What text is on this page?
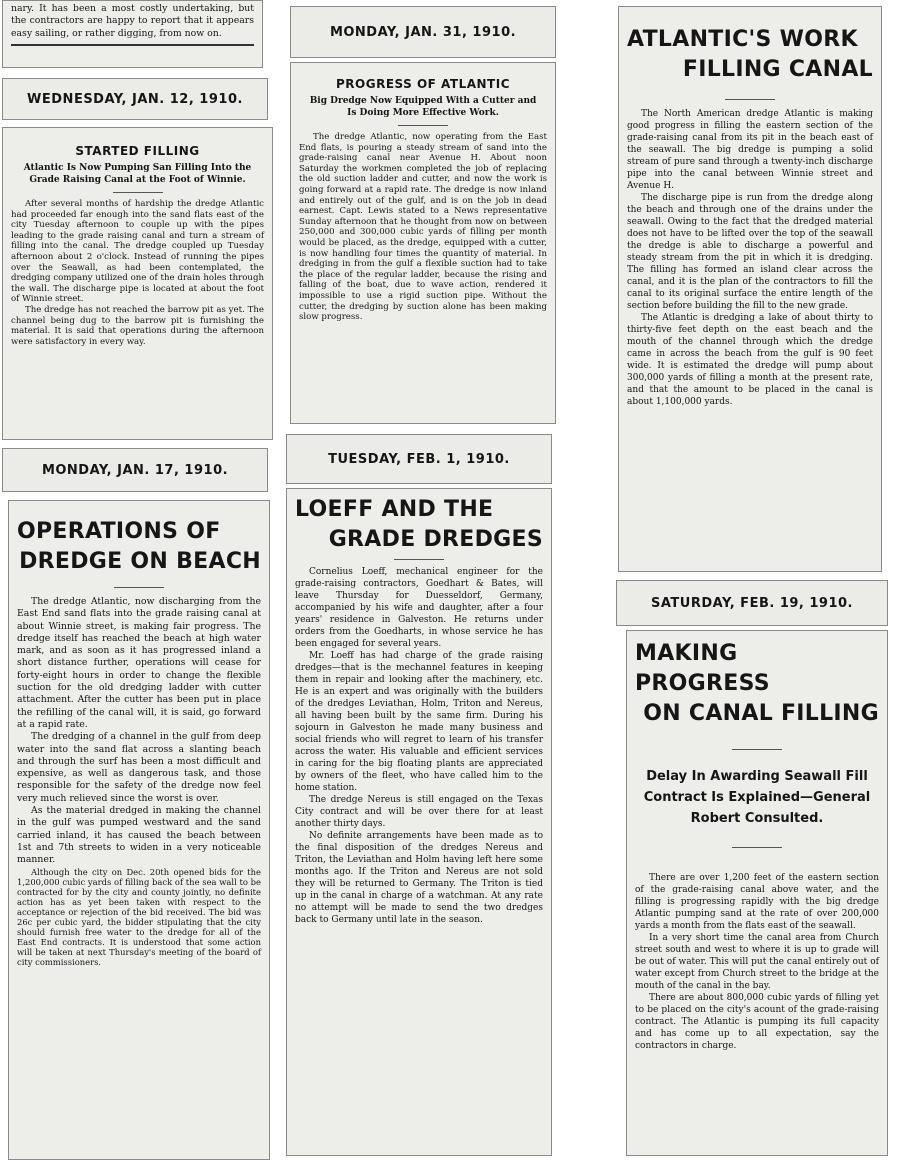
nary. It has been a most costly undertaking, but the contractors are happy to report that it appears easy sailing, or rather digging, from now on.
WEDNESDAY, JAN. 12, 1910.
STARTED FILLING
Atlantic Is Now Pumping San Filling Into the Grade Raising Canal at the Foot of Winnie.

After several months of hardship the dredge Atlantic had proceeded far enough into the sand flats east of the city Tuesday afternoon to couple up with the pipes leading to the grade raising canal and turn a stream of filling into the canal. The dredge coupled up Tuesday afternoon about 2 o'clock. Instead of running the pipes over the Seawall, as had been contemplated, the dredging company utilized one of the drain holes through the wall. The discharge pipe is located at about the foot of Winnie street.

The dredge has not reached the barrow pit as yet. The channel being dug to the barrow pit is furnishing the material. It is said that operations during the afternoon were satisfactory in every way.

MONDAY, JAN. 17, 1910.
OPERATIONS OF
DREDGE ON BEACH

The dredge Atlantic, now discharging from the East End sand flats into the grade raising canal at about Winnie street, is making fair progress. The dredge itself has reached the beach at high water mark, and as soon as it has progressed inland a short distance further, operations will cease for forty-eight hours in order to change the flexible suction for the old dredging ladder with cutter attachment. After the cutter has been put in place the refilling of the canal will, it is said, go forward at a rapid rate.

The dredging of a channel in the gulf from deep water into the sand flat across a slanting beach and through the surf has been a most difficult and expensive, as well as dangerous task, and those responsible for the safety of the dredge now feel very much relieved since the worst is over.

As the material dredged in making the channel in the gulf was pumped westward and the sand carried inland, it has caused the beach between 1st and 7th streets to widen in a very noticeable manner.

Although the city on Dec. 20th opened bids for the 1,200,000 cubic yards of filling back of the sea wall to be contracted for by the city and county jointly, no definite action has as yet been taken with respect to the acceptance or rejection of the bid received. The bid was 26c per cubic yard, the bidder stipulating that the city should furnish free water to the dredge for all of the East End contracts. It is understood that some action will be taken at next Thursday's meeting of the board of city commissioners.

MONDAY, JAN. 31, 1910.
PROGRESS OF ATLANTIC
Big Dredge Now Equipped With a Cutter and Is Doing More Effective Work.

The dredge Atlantic, now operating from the East End flats, is pouring a steady stream of sand into the grade-raising canal near Avenue H. About noon Saturday the workmen completed the job of replacing the old suction ladder and cutter, and now the work is going forward at a rapid rate. The dredge is now inland and entirely out of the gulf, and is on the job in dead earnest. Capt. Lewis stated to a News representative Sunday afternoon that he thought from now on between 250,000 and 300,000 cubic yards of filling per month would be placed, as the dredge, equipped with a cutter, is now handling four times the quantity of material. In dredging in from the gulf a flexible suction had to take the place of the regular ladder, because the rising and falling of the boat, due to wave action, rendered it impossible to use a rigid suction pipe. Without the cutter, the dredging by suction alone has been making slow progress.

TUESDAY, FEB. 1, 1910.
LOEFF AND THE
GRADE DREDGES

Cornelius Loeff, mechanical engineer for the grade-raising contractors, Goedhart & Bates, will leave Thursday for Duesseldorf, Germany, accompanied by his wife and daughter, after a four years' residence in Galveston. He returns under orders from the Goedharts, in whose service he has been engaged for several years.

Mr. Loeff has had charge of the grade raising dredges—that is the mechannel features in keeping them in repair and looking after the machinery, etc. He is an expert and was originally with the builders of the dredges Leviathan, Holm, Triton and Nereus, all having been built by the same firm. During his sojourn in Galveston he made many business and social friends who will regret to learn of his transfer across the water. His valuable and efficient services in caring for the big floating plants are appreciated by owners of the fleet, who have called him to the home station.

The dredge Nereus is still engaged on the Texas City contract and will be over there for at least another thirty days.

No definite arrangements have been made as to the final disposition of the dredges Nereus and Triton, the Leviathan and Holm having left here some months ago. If the Triton and Nereus are not sold they will be returned to Germany. The Triton is tied up in the canal in charge of a watchman. At any rate no attempt will be made to send the two dredges back to Germany until late in the season.

ATLANTIC'S WORK
FILLING CANAL

The North American dredge Atlantic is making good progress in filling the eastern section of the grade-raising canal from its pit in the beach east of the seawall. The big dredge is pumping a solid stream of pure sand through a twenty-inch discharge pipe into the canal between Winnie street and Avenue H.

The discharge pipe is run from the dredge along the beach and through one of the drains under the seawall. Owing to the fact that the dredged material does not have to be lifted over the top of the seawall the dredge is able to discharge a powerful and steady stream from the pit in which it is dredging. The filling has formed an island clear across the canal, and it is the plan of the contractors to fill the canal to its original surface the entire length of the section before building the fill to the new grade.

The Atlantic is dredging a lake of about thirty to thirty-five feet depth on the east beach and the mouth of the channel through which the dredge came in across the beach from the gulf is 90 feet wide. It is estimated the dredge will pump about 300,000 yards of filling a month at the present rate, and that the amount to be placed in the canal is about 1,100,000 yards.

SATURDAY, FEB. 19, 1910.
MAKING PROGRESS
ON CANAL FILLING
Delay In Awarding Seawall Fill Contract Is Explained—General Robert Consulted.

There are over 1,200 feet of the eastern section of the grade-raising canal above water, and the filling is progressing rapidly with the big dredge Atlantic pumping sand at the rate of over 200,000 yards a month from the flats east of the seawall.

In a very short time the canal area from Church street south and west to where it is up to grade will be out of water. This will put the canal entirely out of water except from Church street to the bridge at the mouth of the canal in the bay.

There are about 800,000 cubic yards of filling yet to be placed on the city's acount of the grade-raising contract. The Atlantic is pumping its full capacity and has come up to all expectation, say the contractors in charge.
